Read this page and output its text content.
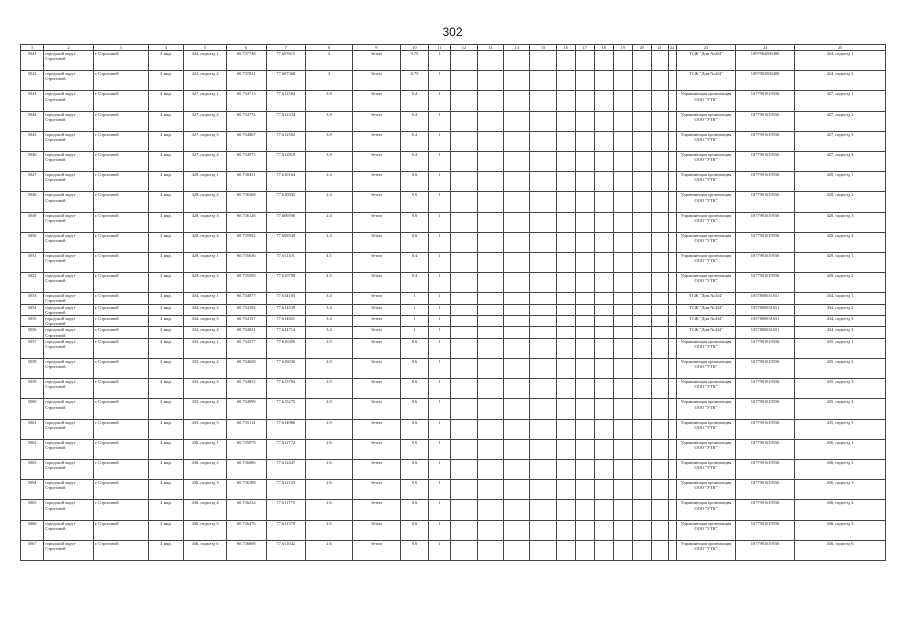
302
1	2	3	4	5	6	7	8	9	10	11	12	13	14	15	16	17	18	19	20	21	22	23	24	25
5041	городской округ Строгиной	г. Строгиной	4 мкр.	424, подъезд 1	60.737748	77.607615	3	бетон	0.75	1												ТСЖ "Дом №424"	1097902000480	424, подъезд 1
5042	городской округ Строгиной	г. Строгиной	4 мкр.	424, подъезд 2	60.737831	77.607368	3	бетон	0.75	1												ТСЖ "Дом №424"	1097902000480	424, подъезд 2
5043	городской округ Строгиной	г. Строгиной	4 мкр.	427, подъезд 1	60.734713	77.612584	3.8	бетон	0.4	1												Управляющая организация ООО "УТК"	1077901619556	427, подъезд 1
5044	городской округ Строгиной	г. Строгиной	4 мкр.	427, подъезд 2	60.734774	77.612334	3.8	бетон	0.4	1												Управляющая организация ООО "УТК"	1077901619556	427, подъезд 2
5045	городской округ Строгиной	г. Строгиной	4 мкр.	427, подъезд 3	60.734867	77.612582	3.8	бетон	0.4	1												Управляющая организация ООО "УТК"	1077901619556	427, подъезд 3
5046	городской округ Строгиной	г. Строгиной	4 мкр.	427, подъезд 4	60.734975	77.612819	3.8	бетон	0.4	1												Управляющая организация ООО "УТК"	1077901619556	427, подъезд 4
5047	городской округ Строгиной	г. Строгиной	4 мкр.	428, подъезд 1	60.738431	77.610164	2.4	бетон	0.6	1												Управляющая организация ООО "УТК"	1077901619556	428, подъезд 1
5048	городской округ Строгиной	г. Строгиной	4 мкр.	428, подъезд 2	60.736368	77.610035	2.4	бетон	0.6	1												Управляющая организация ООО "УТК"	1077901619556	428, подъезд 2
5049	городской округ Строгиной	г. Строгиной	4 мкр.	428, подъезд 3	60.736126	77.609598	2.4	бетон	0.6	1												Управляющая организация ООО "УТК"	1077901619556	428, подъезд 3
5050	городской округ Строгиной	г. Строгиной	4 мкр.	428, подъезд 4	60.735992	77.609549	2.4	бетон	0.6	1												Управляющая организация ООО "УТК"	1077901619556	428, подъезд 4
5051	городской округ Строгиной	г. Строгиной	4 мкр.	429, подъезд 1	60.735636	77.611101	4.5	бетон	0.4	1												Управляющая организация ООО "УТК"	1077901619556	429, подъезд 1
5052	городской округ Строгиной	г. Строгиной	4 мкр.	429, подъезд 2	60.735509	77.610788	4.5	бетон	0.4	1												Управляющая организация ООО "УТК"	1077901619556	429, подъезд 2
5053	городской округ Строгиной	г. Строгиной	4 мкр.	434, подъезд 1	60.734077	77.614105	3.4	бетон	1	1												ТСЖ "Дом №434"	1057800031651	434, подъезд 1
5054	городской округ Строгиной	г. Строгиной	4 мкр.	434, подъезд 2	60.734194	77.614539	3.4	бетон	1	1												ТСЖ "Дом №434"	1057800031651	434, подъезд 2
5055	городской округ Строгиной	г. Строгиной	4 мкр.	434, подъезд 3	60.734137	77.614821	3.4	бетон	1	1												ТСЖ "Дом №434"	1057800031651	434, подъезд 3
5056	городской округ Строгиной	г. Строгиной	4 мкр.	434, подъезд 4	60.734031	77.614714	3.4	бетон	1	1												ТСЖ "Дом №434"	1057800031651	434, подъезд 4
5057	городской округ Строгиной	г. Строгиной	4 мкр.	435, подъезд 1	60.734577	77.616309	2.9	бетон	0.6	1												Управляющая организация ООО "УТК"	1077901619556	435, подъезд 1
5058	городской округ Строгиной	г. Строгиной	4 мкр.	435, подъезд 2	60.734658	77.616030	2.9	бетон	0.6	1												Управляющая организация ООО "УТК"	1077901619556	435, подъезд 2
5059	городской округ Строгиной	г. Строгиной	4 мкр.	435, подъезд 3	60.734852	77.615784	2.9	бетон	0.6	1												Управляющая организация ООО "УТК"	1077901619556	435, подъезд 3
5060	городской округ Строгиной	г. Строгиной	4 мкр.	435, подъезд 4	60.734999	77.615275	2.9	бетон	0.6	1												Управляющая организация ООО "УТК"	1077901619556	435, подъезд 4
5061	городской округ Строгиной	г. Строгиной	4 мкр.	435, подъезд 5	60.735114	77.614986	2.9	бетон	0.6	1												Управляющая организация ООО "УТК"	1077901619556	435, подъезд 5
5062	городской округ Строгиной	г. Строгиной	4 мкр.	436, подъезд 1	60.735979	77.612772	2.6	бетон	0.6	1												Управляющая организация ООО "УТК"	1077901619556	436, подъезд 1
5063	городской округ Строгиной	г. Строгиной	4 мкр.	436, подъезд 2	60.736086	77.612447	2.6	бетон	0.6	1												Управляющая организация ООО "УТК"	1077901619556	436, подъезд 2
5064	городской округ Строгиной	г. Строгиной	4 мкр.	436, подъезд 3	60.736188	77.612125	2.6	бетон	0.6	1												Управляющая организация ООО "УТК"	1077901619556	436, подъезд 3
5065	городской округ Строгиной	г. Строгиной	4 мкр.	436, подъезд 4	60.736234	77.611775	2.6	бетон	0.6	1												Управляющая организация ООО "УТК"	1077901619556	436, подъезд 4
5066	городской округ Строгиной	г. Строгиной	4 мкр.	436, подъезд 5	60.736476	77.611379	2.6	бетон	0.6	1												Управляющая организация ООО "УТК"	1077901619556	436, подъезд 5
5067	городской округ Строгиной	г. Строгиной	4 мкр.	436, подъезд 6	60.736608	77.611042	2.6	бетон	0.6	1												Управляющая организация ООО "УТК"	1077901619556	436, подъезд 6
